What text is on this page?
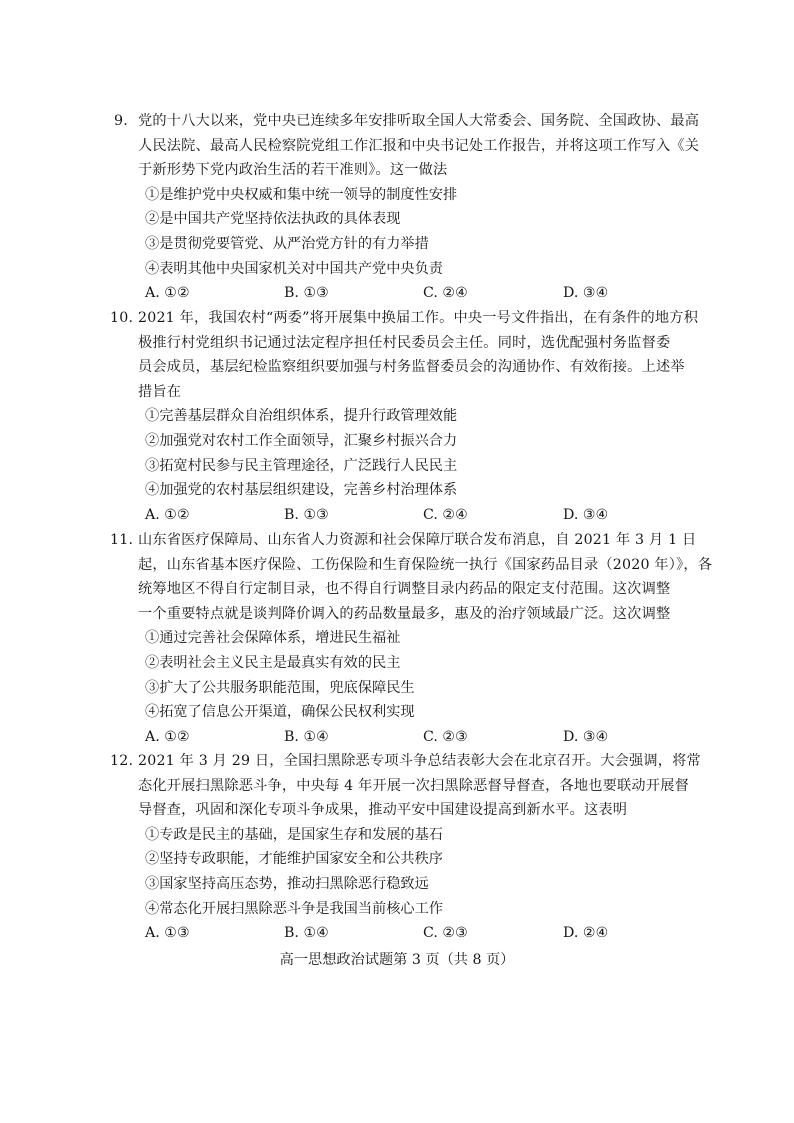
9. 党的十八大以来，党中央已连续多年安排听取全国人大常委会、国务院、全国政协、最高
人民法院、最高人民检察院党组工作汇报和中央书记处工作报告，并将这项工作写入《关
于新形势下党内政治生活的若干准则》。这一做法
①是维护党中央权威和集中统一领导的制度性安排
②是中国共产党坚持依法执政的具体表现
③是贯彻党要管党、从严治党方针的有力举措
④表明其他中央国家机关对中国共产党中央负责
A. ①②	B. ①③	C. ②④	D. ③④
10. 2021 年，我国农村“两委”将开展集中换届工作。中央一号文件指出，在有条件的地方积
极推行村党组织书记通过法定程序担任村民委员会主任。同时，选优配强村务监督委
员会成员，基层纪检监察组织要加强与村务监督委员会的沟通协作、有效衔接。上述举
措旨在
①完善基层群众自治组织体系，提升行政管理效能
②加强党对农村工作全面领导，汇聚乡村振兴合力
③拓宽村民参与民主管理途径，广泛践行人民民主
④加强党的农村基层组织建设，完善乡村治理体系
A. ①②	B. ①③	C. ②④	D. ③④
11. 山东省医疗保障局、山东省人力资源和社会保障厅联合发布消息，自 2021 年 3 月 1 日
起，山东省基本医疗保险、工伤保险和生育保险统一执行《国家药品目录（2020 年）》，各
统筹地区不得自行定制目录，也不得自行调整目录内药品的限定支付范围。这次调整
一个重要特点就是谈判降价调入的药品数量最多，惠及的治疗领域最广泛。这次调整
①通过完善社会保障体系，增进民生福祉
②表明社会主义民主是最真实有效的民主
③扩大了公共服务职能范围，兜底保障民生
④拓宽了信息公开渠道，确保公民权利实现
A. ①②	B. ①④	C. ②③	D. ③④
12. 2021 年 3 月 29 日，全国扫黑除恶专项斗争总结表彰大会在北京召开。大会强调，将常
态化开展扫黑除恶斗争，中央每 4 年开展一次扫黑除恶督导督查，各地也要联动开展督
导督查，巩固和深化专项斗争成果，推动平安中国建设提高到新水平。这表明
①专政是民主的基础，是国家生存和发展的基石
②坚持专政职能，才能维护国家安全和公共秩序
③国家坚持高压态势，推动扫黑除恶行稳致远
④常态化开展扫黑除恶斗争是我国当前核心工作
A. ①③	B. ①④	C. ②③	D. ②④
高一思想政治试题第 3 页（共 8 页）
